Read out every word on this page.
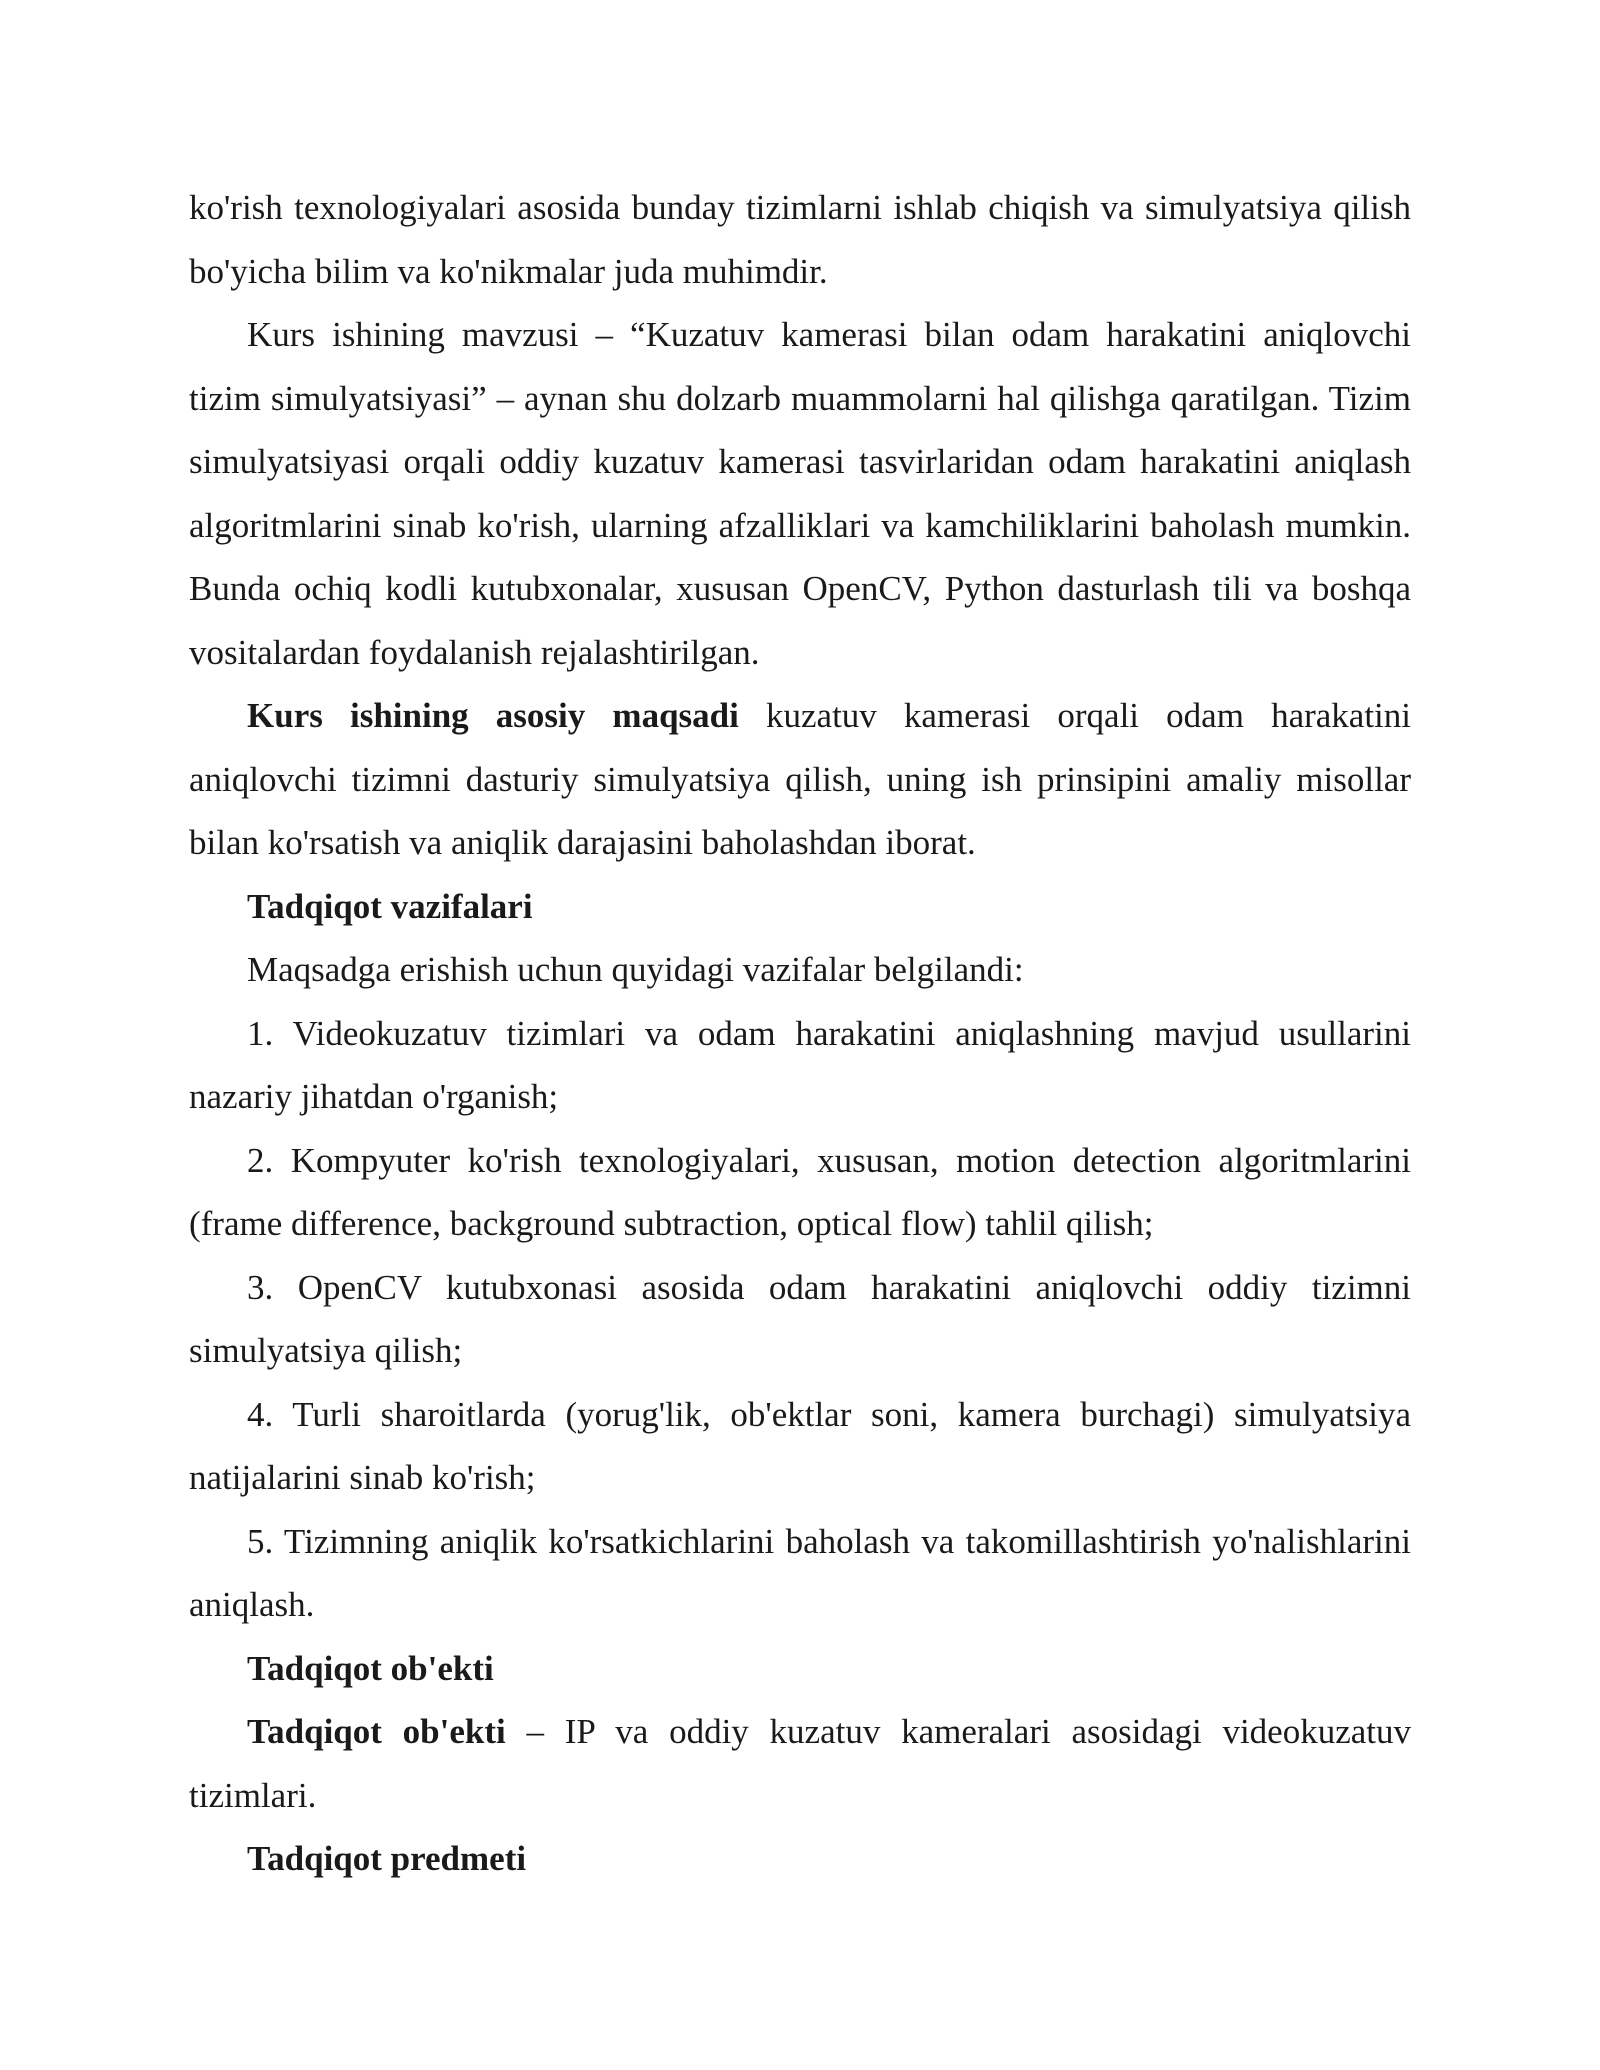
ko'rish texnologiyalari asosida bunday tizimlarni ishlab chiqish va simulyatsiya qilish bo'yicha bilim va ko'nikmalar juda muhimdir.

Kurs ishining mavzusi – “Kuzatuv kamerasi bilan odam harakatini aniqlovchi tizim simulyatsiyasi” – aynan shu dolzarb muammolarni hal qilishga qaratilgan. Tizim simulyatsiyasi orqali oddiy kuzatuv kamerasi tasvirlaridan odam harakatini aniqlash algoritmlarini sinab ko'rish, ularning afzalliklari va kamchiliklarini baholash mumkin. Bunda ochiq kodli kutubxonalar, xususan OpenCV, Python dasturlash tili va boshqa vositalardan foydalanish rejalashtirilgan.

Kurs ishining asosiy maqsadi kuzatuv kamerasi orqali odam harakatini aniqlovchi tizimni dasturiy simulyatsiya qilish, uning ish prinsipini amaliy misollar bilan ko'rsatish va aniqlik darajasini baholashdan iborat.

Tadqiqot vazifalari

Maqsadga erishish uchun quyidagi vazifalar belgilandi:

1. Videokuzatuv tizimlari va odam harakatini aniqlashning mavjud usullarini nazariy jihatdan o'rganish;

2. Kompyuter ko'rish texnologiyalari, xususan, motion detection algoritmlarini (frame difference, background subtraction, optical flow) tahlil qilish;

3. OpenCV kutubxonasi asosida odam harakatini aniqlovchi oddiy tizimni simulyatsiya qilish;

4. Turli sharoitlarda (yorug'lik, ob'ektlar soni, kamera burchagi) simulyatsiya natijalarini sinab ko'rish;

5. Tizimning aniqlik ko'rsatkichlarini baholash va takomillashtirish yo'nalishlarini aniqlash.

Tadqiqot ob'ekti

Tadqiqot ob'ekti – IP va oddiy kuzatuv kameralari asosidagi videokuzatuv tizimlari.

Tadqiqot predmeti
